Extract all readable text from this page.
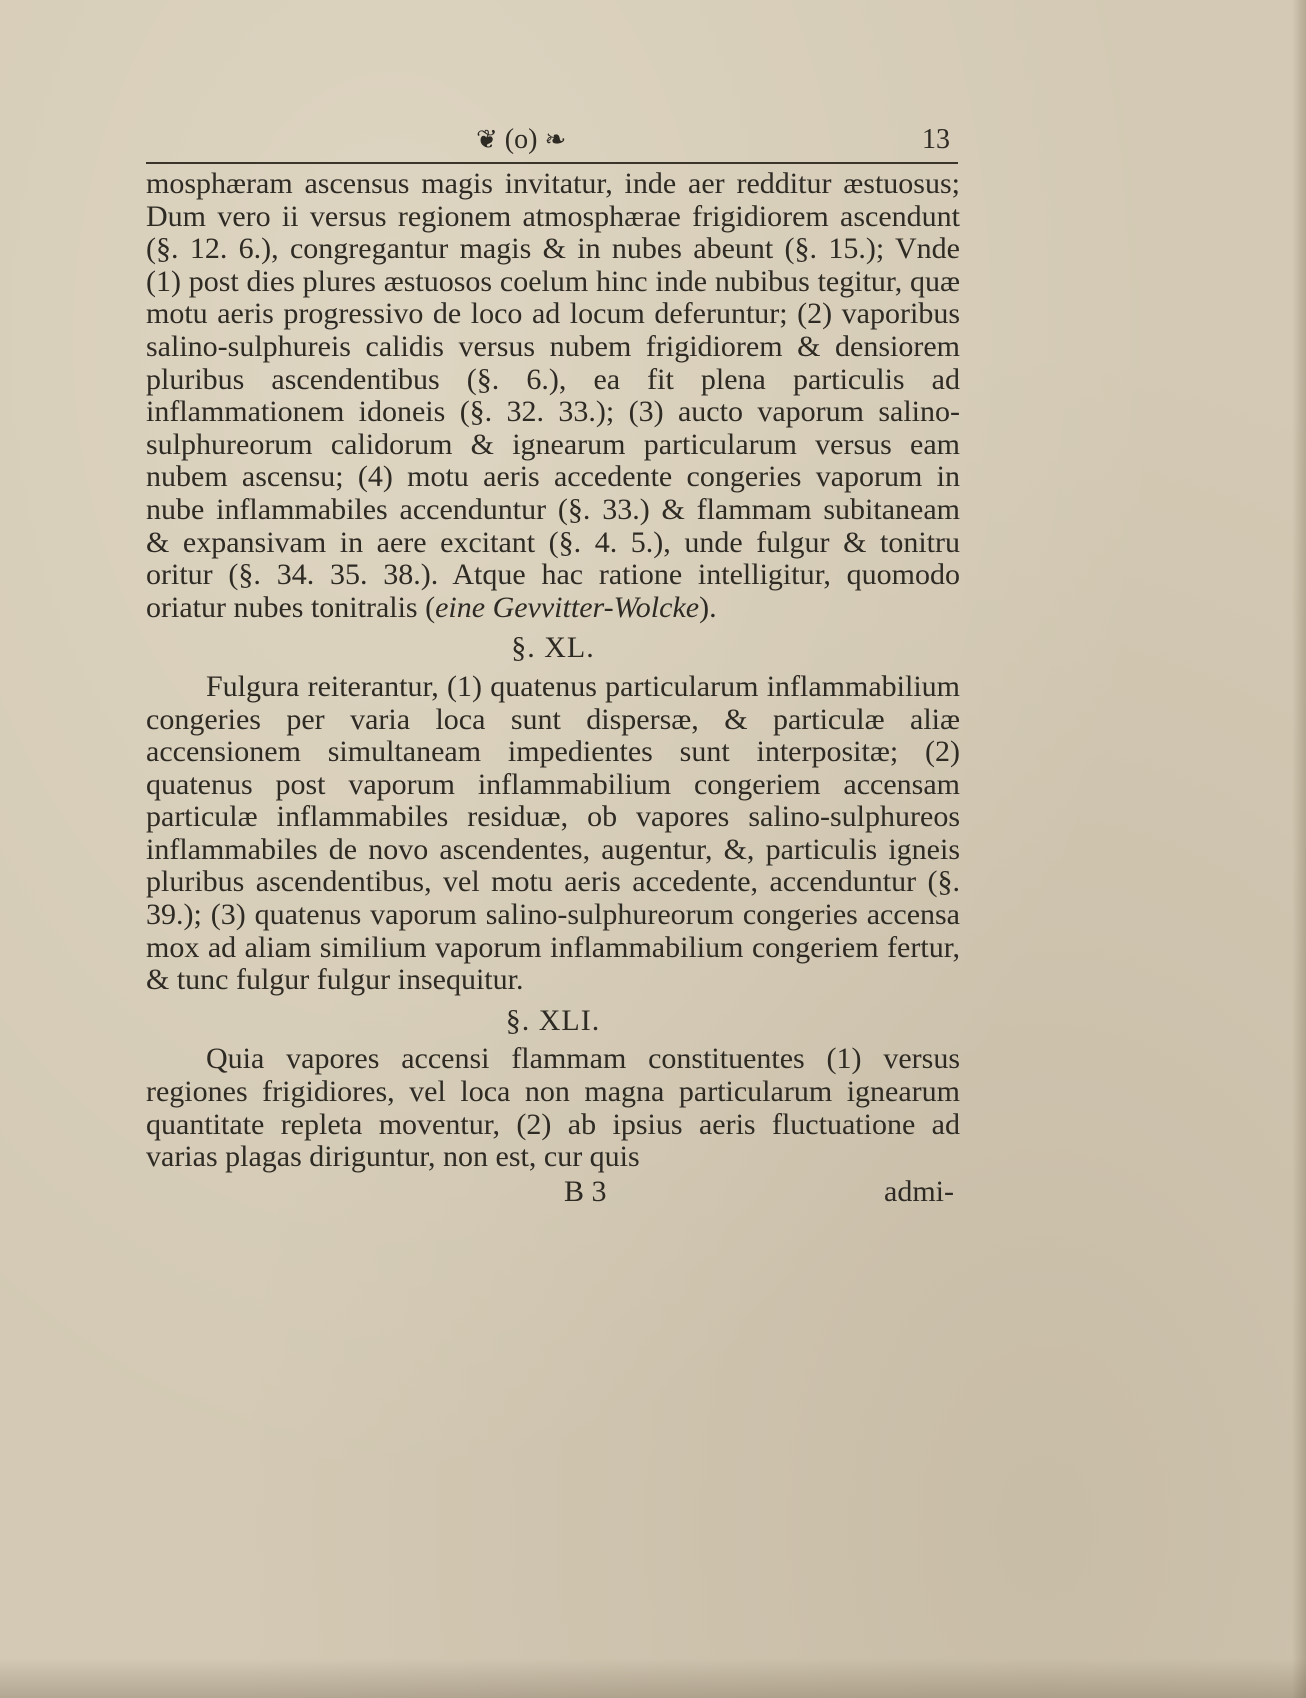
❦ (o) ❧	13

mosphæram ascensus magis invitatur, inde aer redditur æstuosus; Dum vero ii versus regionem atmosphærae frigidiorem ascendunt (§. 12. 6.), congregantur magis & in nubes abeunt (§. 15.); Vnde (1) post dies plures æstuosos coelum hinc inde nubibus tegitur, quæ motu aeris progressivo de loco ad locum deferuntur; (2) vaporibus salino-sulphureis calidis versus nubem frigidiorem & densiorem pluribus ascendentibus (§. 6.), ea fit plena particulis ad inflammationem idoneis (§. 32. 33.); (3) aucto vaporum salino-sulphureorum calidorum & ignearum particularum versus eam nubem ascensu; (4) motu aeris accedente congeries vaporum in nube inflammabiles accenduntur (§. 33.) & flammam subitaneam & expansivam in aere excitant (§. 4. 5.), unde fulgur & tonitru oritur (§. 34. 35. 38.). Atque hac ratione intelligitur, quomodo oriatur nubes tonitralis (eine Gevvitter-Wolcke).

§. XL.

Fulgura reiterantur, (1) quatenus particularum inflammabilium congeries per varia loca sunt dispersæ, & particulæ aliæ accensionem simultaneam impedientes sunt interpositæ; (2) quatenus post vaporum inflammabilium congeriem accensam particulæ inflammabiles residuæ, ob vapores salino-sulphureos inflammabiles de novo ascendentes, augentur, &, particulis igneis pluribus ascendentibus, vel motu aeris accedente, accenduntur (§. 39.); (3) quatenus vaporum salino-sulphureorum congeries accensa mox ad aliam similium vaporum inflammabilium congeriem fertur, & tunc fulgur fulgur insequitur.

§. XLI.

Quia vapores accensi flammam constituentes (1) versus regiones frigidiores, vel loca non magna particularum ignearum quantitate repleta moventur, (2) ab ipsius aeris fluctuatione ad varias plagas diriguntur, non est, cur quis

B 3	admi-
